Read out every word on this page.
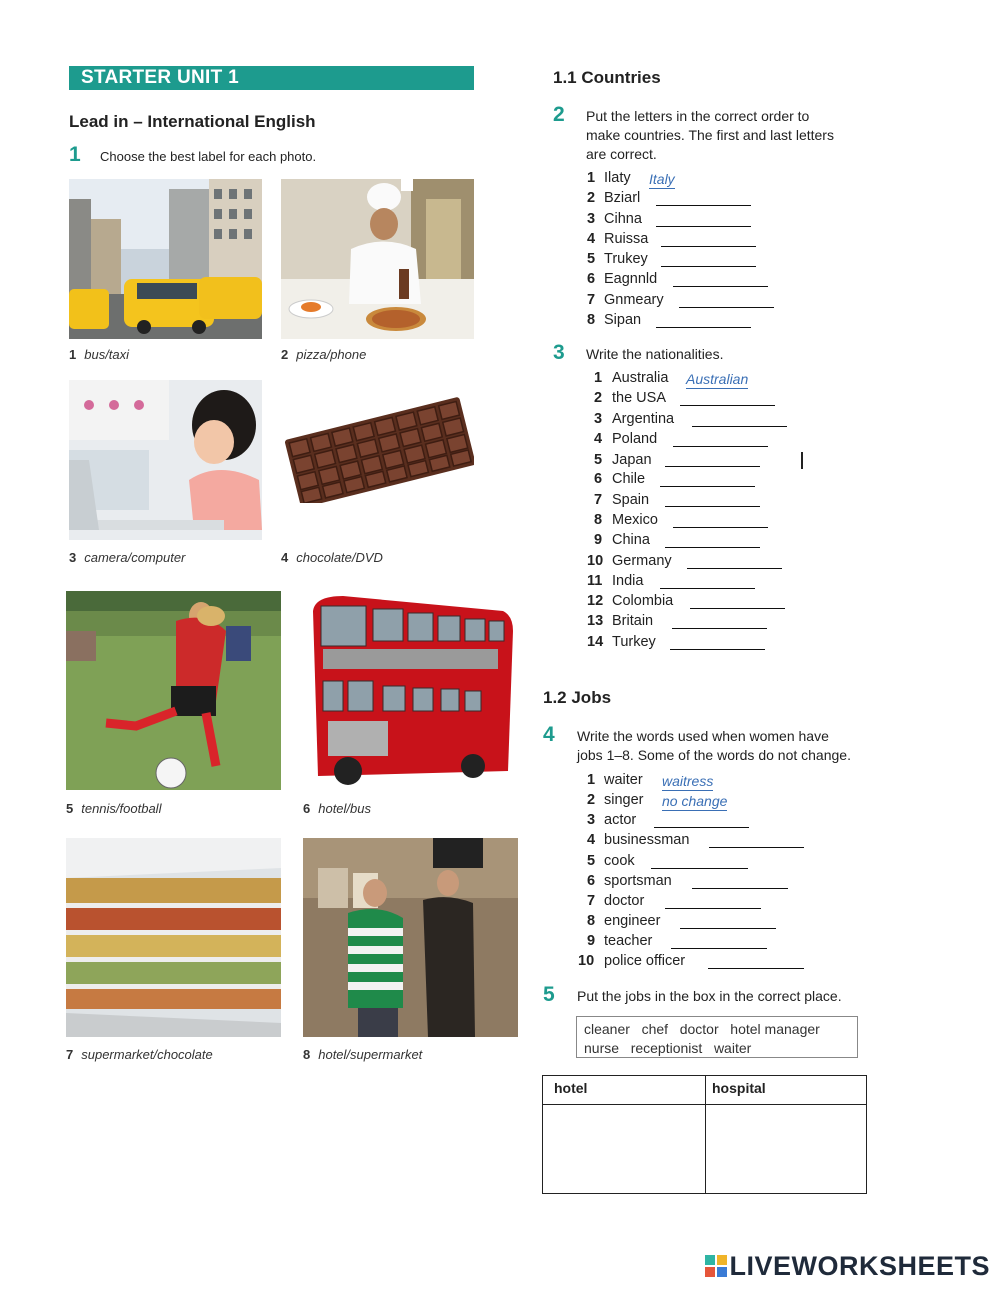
STARTER UNIT 1
Lead in – International English
1 Choose the best label for each photo.
1 bus/taxi	2 pizza/phone
3 camera/computer	4 chocolate/DVD
5 tennis/football	6 hotel/bus
7 supermarket/chocolate	8 hotel/supermarket
1.1 Countries
2 Put the letters in the correct order to
make countries. The first and last letters
are correct.
1 Ilaty Italy
2 Bziarl
3 Cihna
4 Ruissa
5 Trukey
6 Eagnnld
7 Gnmeary
8 Sipan
3 Write the nationalities.
1 Australia Australian
2 the USA
3 Argentina
4 Poland
5 Japan
6 Chile
7 Spain
8 Mexico
9 China
10 Germany
11 India
12 Colombia
13 Britain
14 Turkey
1.2 Jobs
4 Write the words used when women have
jobs 1–8. Some of the words do not change.
1 waiter waitress
2 singer no change
3 actor
4 businessman
5 cook
6 sportsman
7 doctor
8 engineer
9 teacher
10 police officer
5 Put the jobs in the box in the correct place.
cleaner   chef   doctor   hotel manager
nurse   receptionist   waiter
hotel	hospital
LIVEWORKSHEETS
